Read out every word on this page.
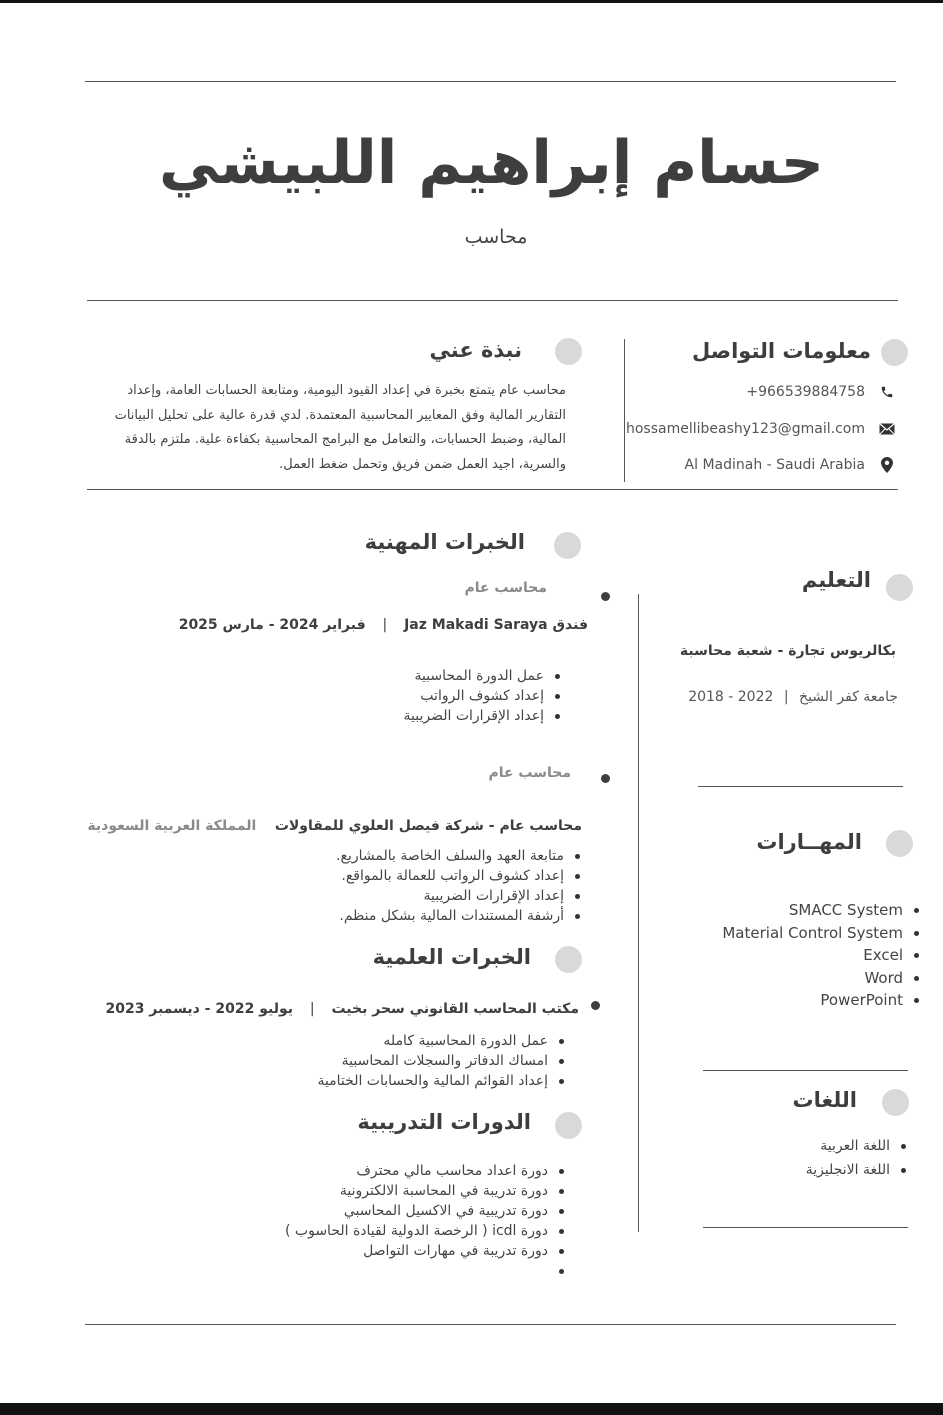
حسام إبراهيم اللبيشي
محاسب
معلومات التواصل
+966539884758
hossamellibeashy123@gmail.com
Al Madinah - Saudi Arabia
نبذة عني
محاسب عام يتمتع بخبرة في إعداد القيود اليومية، ومتابعة الحسابات العامة، وإعداد
التقارير المالية وفق المعايير المحاسبية المعتمدة. لدي قدرة عالية على تحليل البيانات
المالية، وضبط الحسابات، والتعامل مع البرامج المحاسبية بكفاءة علية. ملتزم بالدقة
والسرية، اجيد العمل ضمن فريق وتحمل ضغط العمل.
الخبرات المهنية
محاسب عام
فندق Jaz Makadi Saraya | فبراير 2024 - مارس 2025
عمل الدورة المحاسبية
إعداد كشوف الرواتب
إعداد الإقرارات الضريبية
محاسب عام
محاسب عام - شركة فيصل العلوي للمقاولات المملكة العربية السعودية
متابعة العهد والسلف الخاصة بالمشاريع.
إعداد كشوف الرواتب للعمالة بالمواقع.
إعداد الإقرارات الضريبية
أرشفة المستندات المالية بشكل منظم.
الخبرات العلمية
مكتب المحاسب القانوني سحر بخيت | يوليو 2022 - ديسمبر 2023
عمل الدورة المحاسبية كامله
امساك الدفاتر والسجلات المحاسبية
إعداد القوائم المالية والحسابات الختامية
الدورات التدريبية
دورة اعداد محاسب مالي محترف
دورة تدريبة في المحاسبة الالكترونية
دورة تدريبية في الاكسيل المحاسبي
دورة icdl ( الرخصة الدولية لقيادة الحاسوب )
دورة تدريبة في مهارات التواصل
التعليم
بكالريوس تجارة - شعبة محاسبة
جامعة كفر الشيخ | 2018 - 2022
المهــارات
SMACC System
Material Control System
Excel
Word
PowerPoint
اللغات
اللغة العربية
اللغة الانجليزية
